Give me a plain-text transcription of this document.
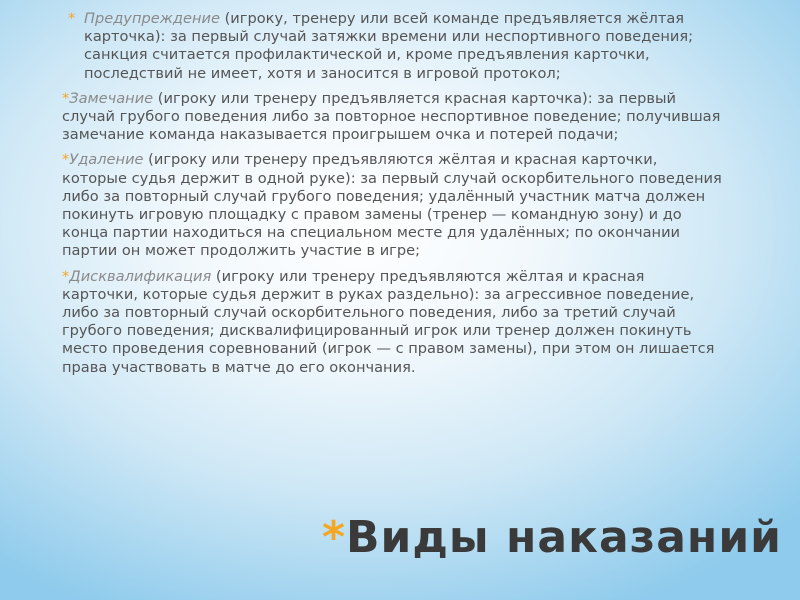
* Предупреждение (игроку, тренеру или всей команде предъявляется жёлтая карточка): за первый случай затяжки времени или неспортивного поведения; санкция считается профилактической и, кроме предъявления карточки, последствий не имеет, хотя и заносится в игровой протокол;

*Замечание (игроку или тренеру предъявляется красная карточка): за первый случай грубого поведения либо за повторное неспортивное поведение; получившая замечание команда наказывается проигрышем очка и потерей подачи;

*Удаление (игроку или тренеру предъявляются жёлтая и красная карточки, которые судья держит в одной руке): за первый случай оскорбительного поведения либо за повторный случай грубого поведения; удалённый участник матча должен покинуть игровую площадку с правом замены (тренер — командную зону) и до конца партии находиться на специальном месте для удалённых; по окончании партии он может продолжить участие в игре;

*Дисквалификация (игроку или тренеру предъявляются жёлтая и красная карточки, которые судья держит в руках раздельно): за агрессивное поведение, либо за повторный случай оскорбительного поведения, либо за третий случай грубого поведения; дисквалифицированный игрок или тренер должен покинуть место проведения соревнований (игрок — с правом замены), при этом он лишается права участвовать в матче до его окончания.

*Виды наказаний
